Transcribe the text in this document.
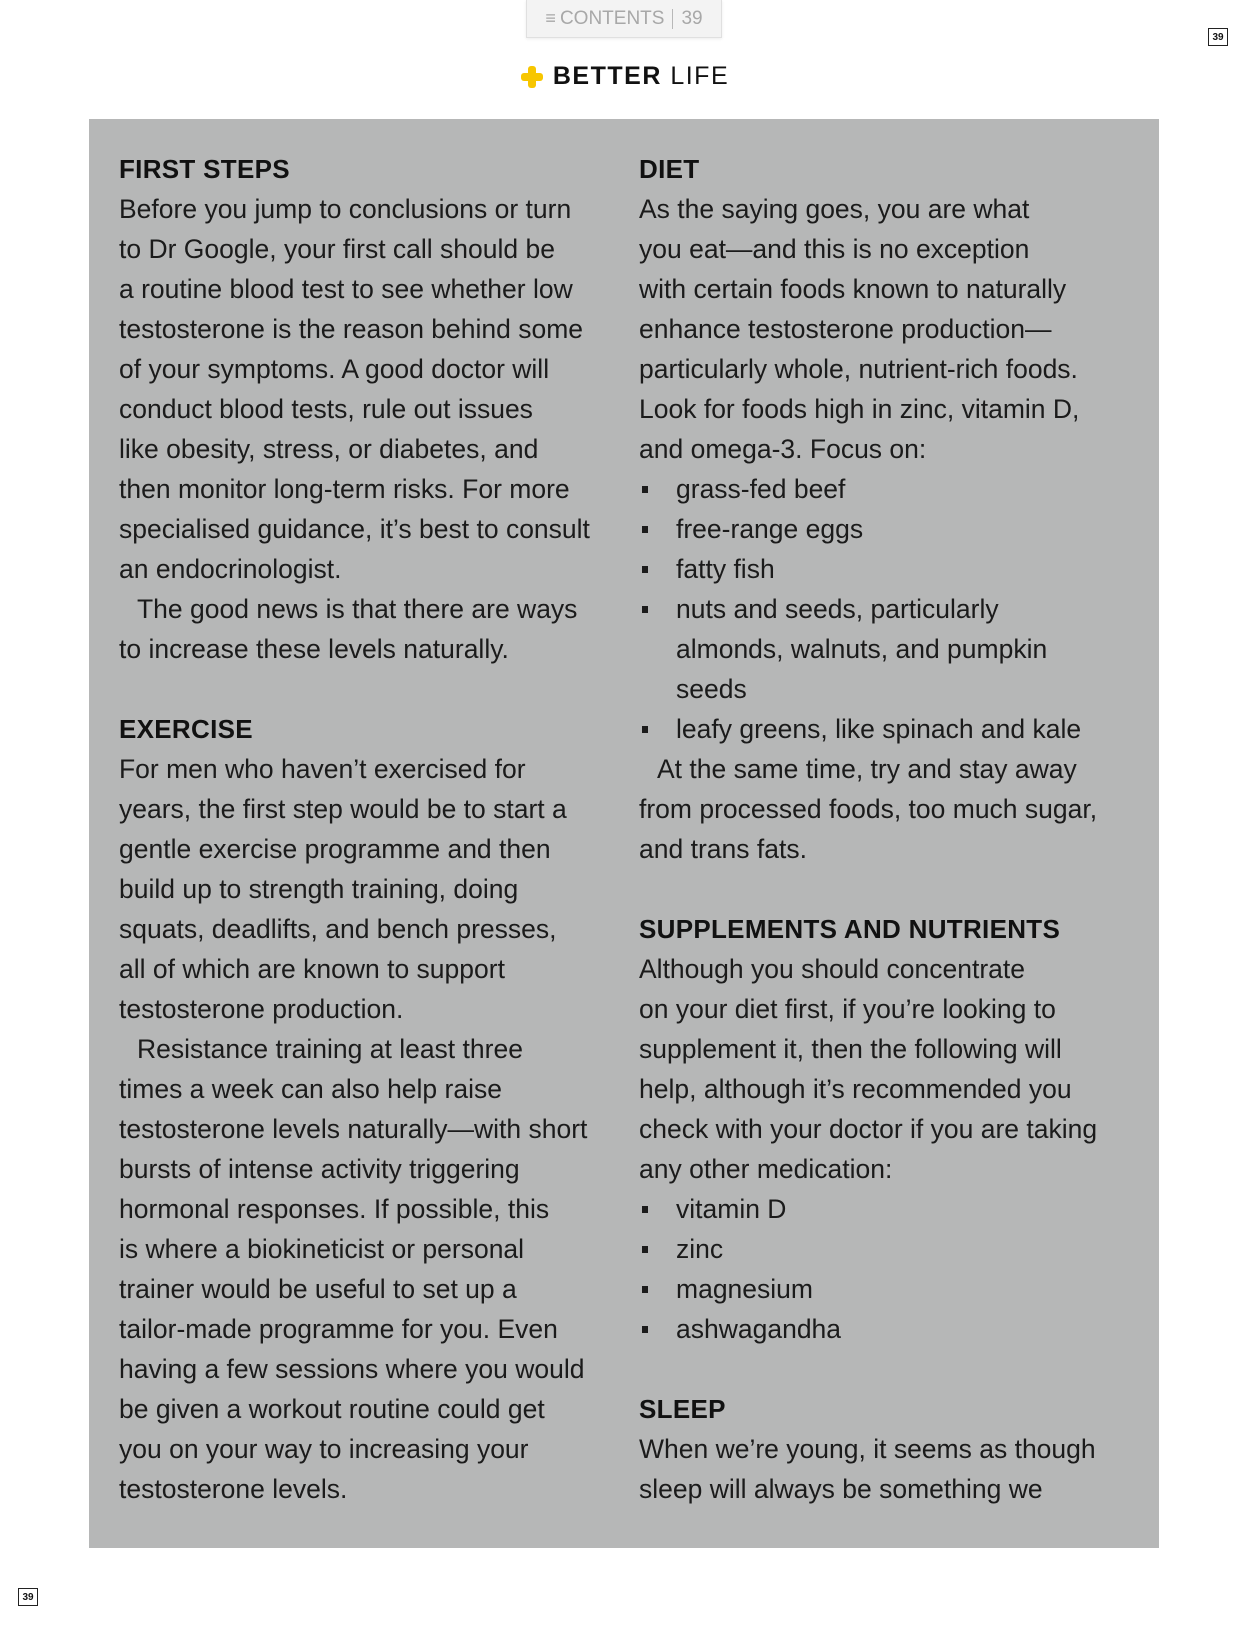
≡ CONTENTS 39
39
BETTER LIFE
FIRST STEPS
Before you jump to conclusions or turn
to Dr Google, your first call should be
a routine blood test to see whether low
testosterone is the reason behind some
of your symptoms. A good doctor will
conduct blood tests, rule out issues
like obesity, stress, or diabetes, and
then monitor long-term risks. For more
specialised guidance, it’s best to consult
an endocrinologist.
The good news is that there are ways
to increase these levels naturally.
EXERCISE
For men who haven’t exercised for
years, the first step would be to start a
gentle exercise programme and then
build up to strength training, doing
squats, deadlifts, and bench presses,
all of which are known to support
testosterone production.
Resistance training at least three
times a week can also help raise
testosterone levels naturally—with short
bursts of intense activity triggering
hormonal responses. If possible, this
is where a biokineticist or personal
trainer would be useful to set up a
tailor-made programme for you. Even
having a few sessions where you would
be given a workout routine could get
you on your way to increasing your
testosterone levels.
DIET
As the saying goes, you are what
you eat—and this is no exception
with certain foods known to naturally
enhance testosterone production—
particularly whole, nutrient-rich foods.
Look for foods high in zinc, vitamin D,
and omega-3. Focus on:
grass-fed beef
free-range eggs
fatty fish
nuts and seeds, particularly
almonds, walnuts, and pumpkin
seeds
leafy greens, like spinach and kale
At the same time, try and stay away
from processed foods, too much sugar,
and trans fats.
SUPPLEMENTS AND NUTRIENTS
Although you should concentrate
on your diet first, if you’re looking to
supplement it, then the following will
help, although it’s recommended you
check with your doctor if you are taking
any other medication:
vitamin D
zinc
magnesium
ashwagandha
SLEEP
When we’re young, it seems as though
sleep will always be something we
39
